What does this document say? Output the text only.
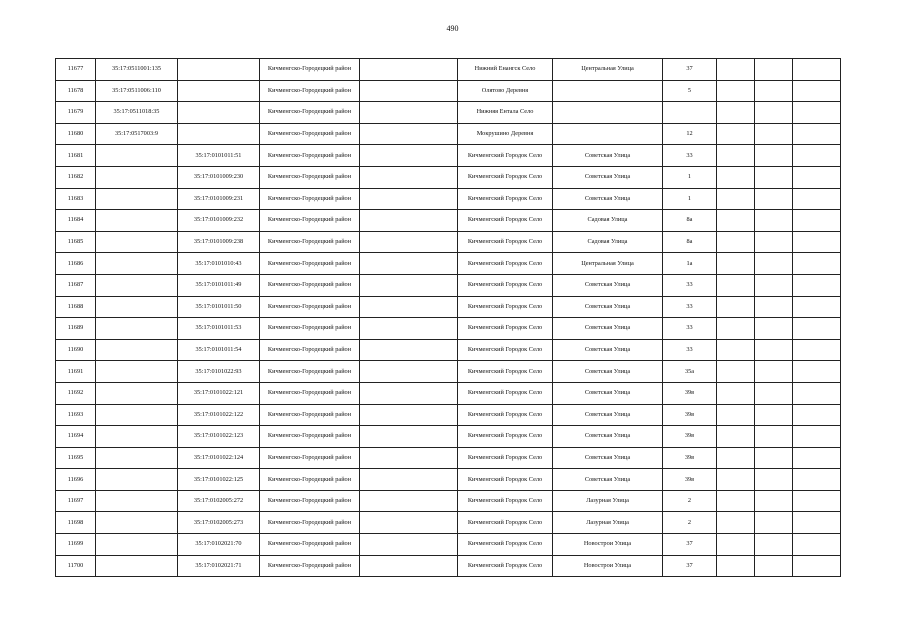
490
11677	35:17:0511001:135		Кичменгско-Городецкий район		Нижний Енангск Село	Центральная Улица	37			
11678	35:17:0511006:110		Кичменгско-Городецкий район		Олятово Деревня		5			
11679	35:17:0511018:35		Кичменгско-Городецкий район		Нижняя Ентала Село					
11680	35:17:0517003:9		Кичменгско-Городецкий район		Мокрушино Деревня		12			
11681		35:17:0101011:51	Кичменгско-Городецкий район		Кичменгский Городок Село	Советская Улица	33			
11682		35:17:0101009:230	Кичменгско-Городецкий район		Кичменгский Городок Село	Советская Улица	1			
11683		35:17:0101009:231	Кичменгско-Городецкий район		Кичменгский Городок Село	Советская Улица	1			
11684		35:17:0101009:232	Кичменгско-Городецкий район		Кичменгский Городок Село	Садовая Улица	8а			
11685		35:17:0101009:238	Кичменгско-Городецкий район		Кичменгский Городок Село	Садовая Улица	8а			
11686		35:17:0101010:43	Кичменгско-Городецкий район		Кичменгский Городок Село	Центральная Улица	1а			
11687		35:17:0101011:49	Кичменгско-Городецкий район		Кичменгский Городок Село	Советская Улица	33			
11688		35:17:0101011:50	Кичменгско-Городецкий район		Кичменгский Городок Село	Советская Улица	33			
11689		35:17:0101011:53	Кичменгско-Городецкий район		Кичменгский Городок Село	Советская Улица	33			
11690		35:17:0101011:54	Кичменгско-Городецкий район		Кичменгский Городок Село	Советская Улица	33			
11691		35:17:0101022:93	Кичменгско-Городецкий район		Кичменгский Городок Село	Советская Улица	35а			
11692		35:17:0101022:121	Кичменгско-Городецкий район		Кичменгский Городок Село	Советская Улица	39в			
11693		35:17:0101022:122	Кичменгско-Городецкий район		Кичменгский Городок Село	Советская Улица	39в			
11694		35:17:0101022:123	Кичменгско-Городецкий район		Кичменгский Городок Село	Советская Улица	39в			
11695		35:17:0101022:124	Кичменгско-Городецкий район		Кичменгский Городок Село	Советская Улица	39в			
11696		35:17:0101022:125	Кичменгско-Городецкий район		Кичменгский Городок Село	Советская Улица	39в			
11697		35:17:0102005:272	Кичменгско-Городецкий район		Кичменгский Городок Село	Лазурная Улица	2			
11698		35:17:0102005:273	Кичменгско-Городецкий район		Кичменгский Городок Село	Лазурная Улица	2			
11699		35:17:0102021:70	Кичменгско-Городецкий район		Кичменгский Городок Село	Новострои Улица	37			
11700		35:17:0102021:71	Кичменгско-Городецкий район		Кичменгский Городок Село	Новострои Улица	37			
